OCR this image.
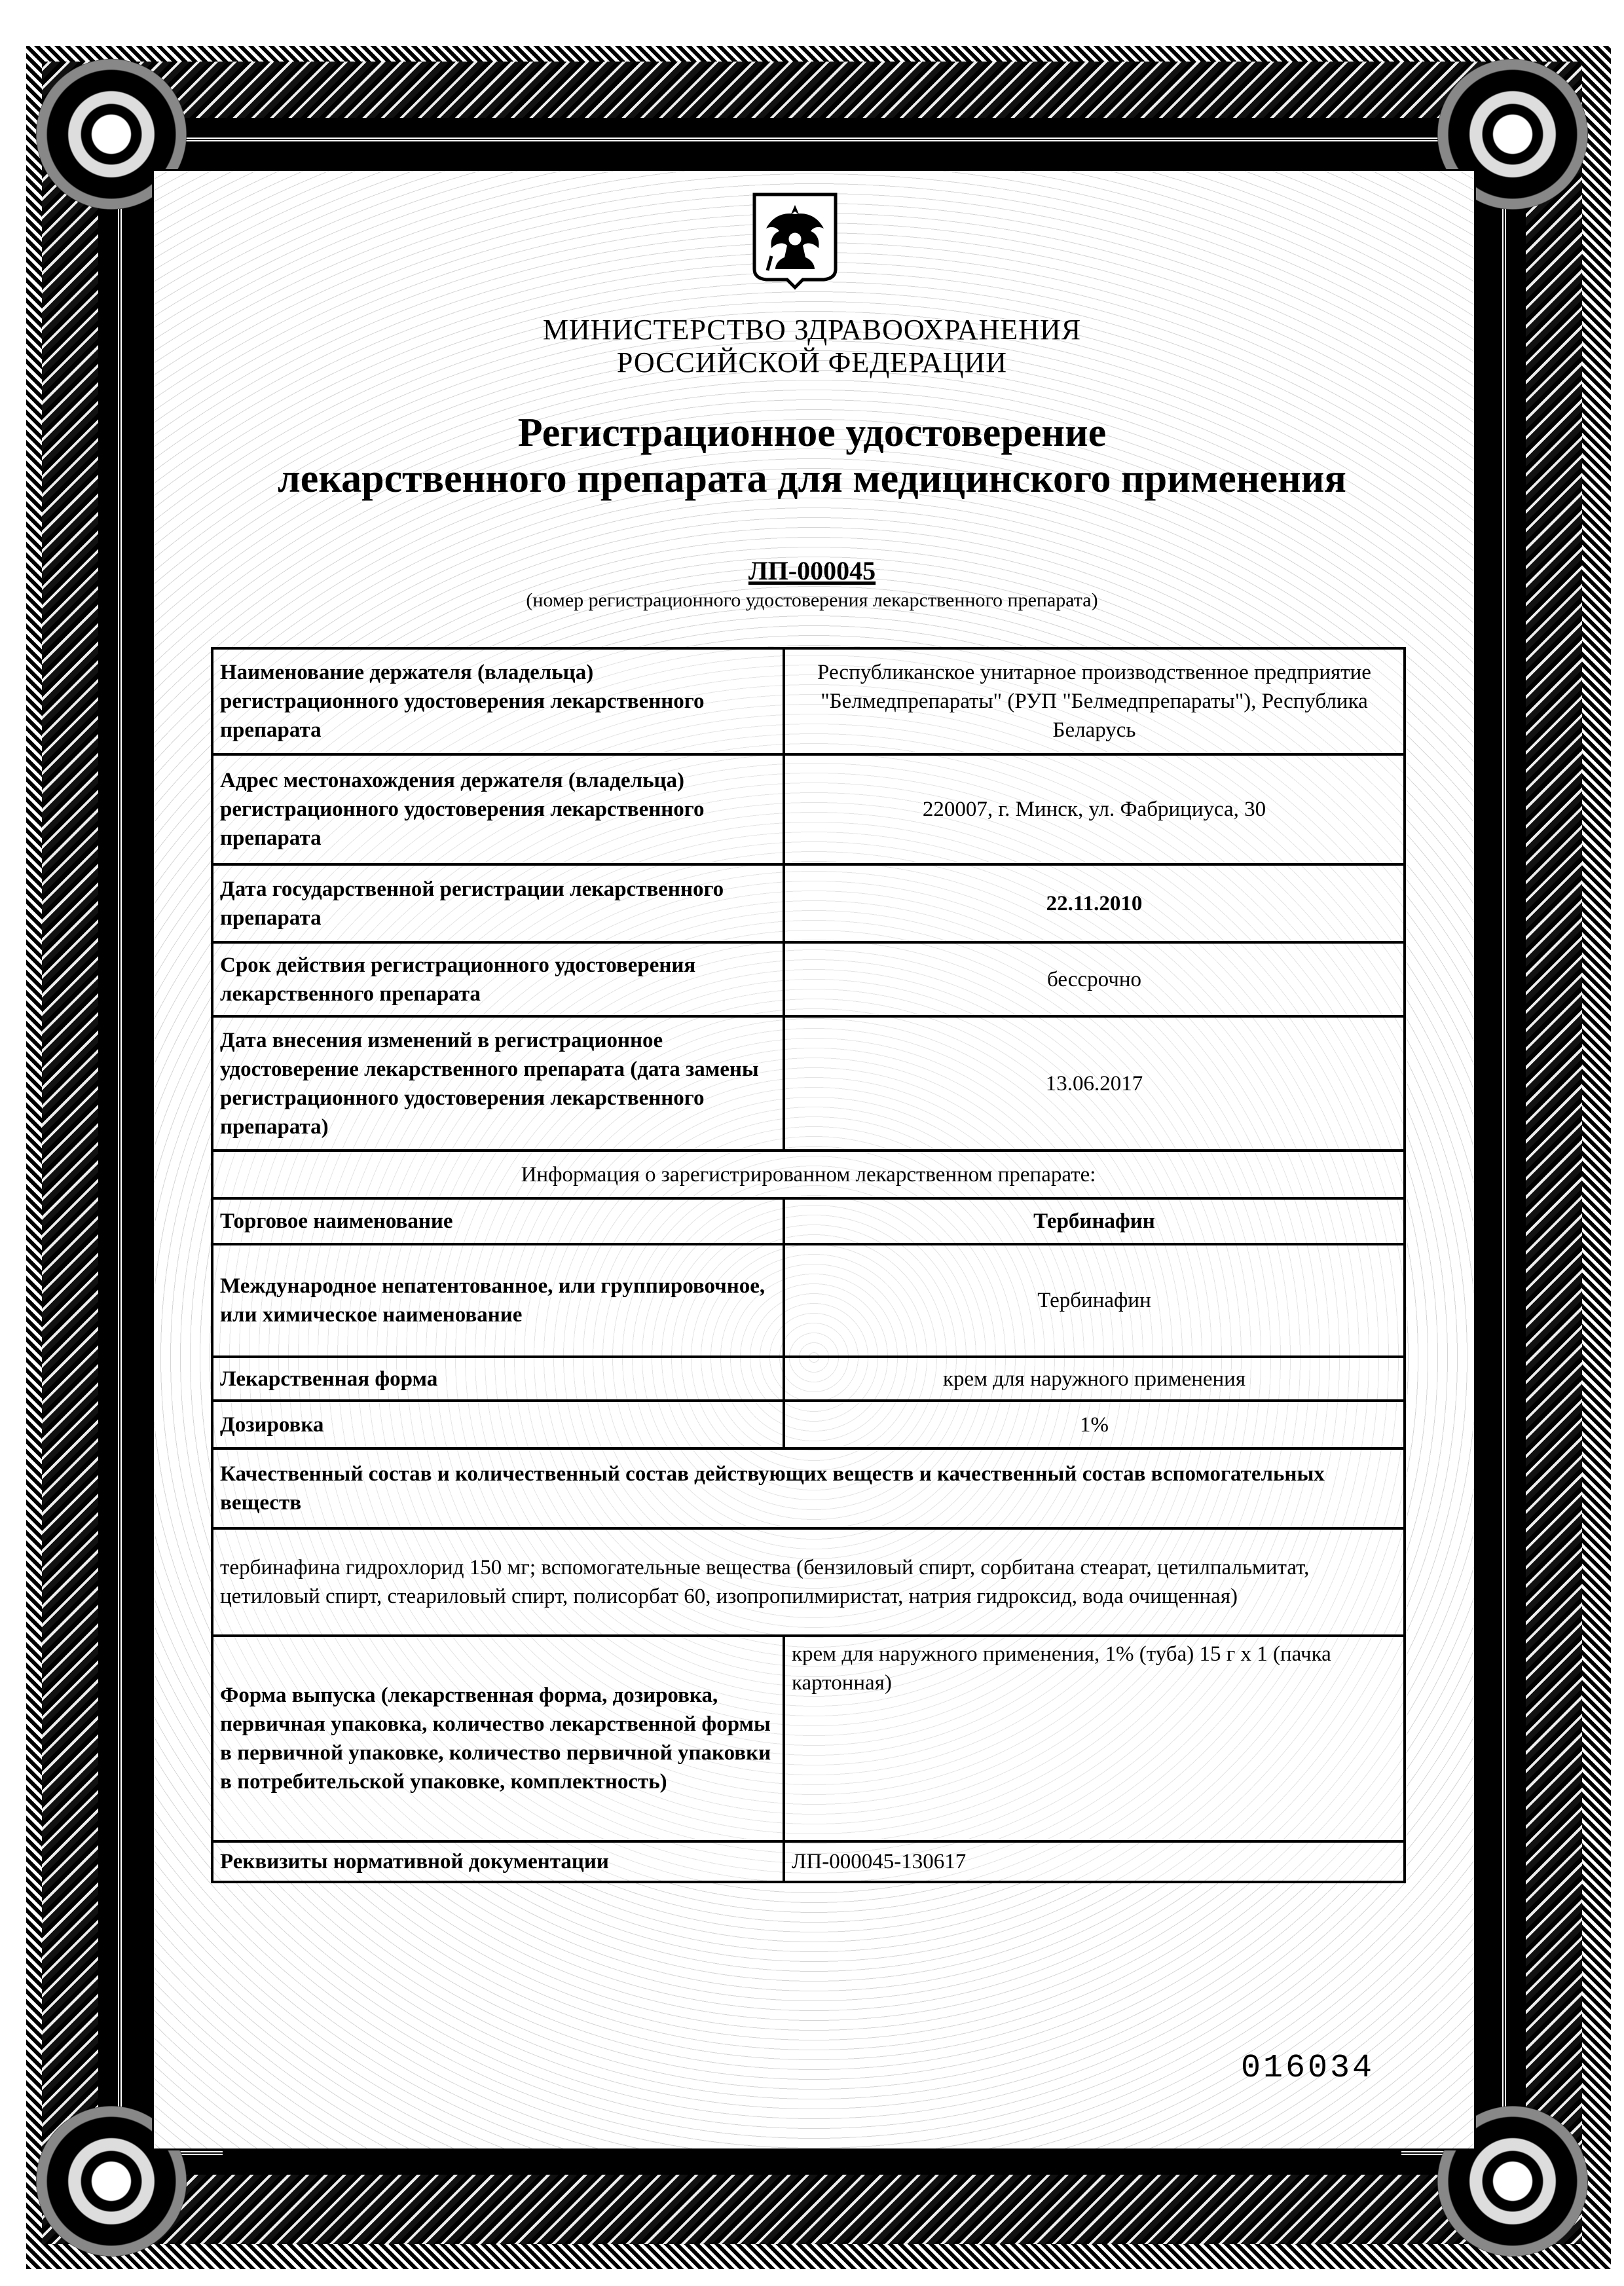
МИНИСТЕРСТВО ЗДРАВООХРАНЕНИЯ
РОССИЙСКОЙ ФЕДЕРАЦИИ
Регистрационное удостоверение
лекарственного препарата для медицинского применения
ЛП-000045
(номер регистрационного удостоверения лекарственного препарата)
Наименование держателя (владельца) регистрационного удостоверения лекарственного препарата	Республиканское унитарное производственное предприятие "Белмедпрепараты" (РУП "Белмедпрепараты"), Республика Беларусь
Адрес местонахождения держателя (владельца) регистрационного удостоверения лекарственного препарата	220007, г. Минск, ул. Фабрициуса, 30
Дата государственной регистрации лекарственного препарата	22.11.2010
Срок действия регистрационного удостоверения лекарственного препарата	бессрочно
Дата внесения изменений в регистрационное удостоверение лекарственного препарата (дата замены регистрационного удостоверения лекарственного препарата)	13.06.2017
Информация о зарегистрированном лекарственном препарате:	
Торговое наименование	Тербинафин
Международное непатентованное, или группировочное, или химическое наименование	Тербинафин
Лекарственная форма	крем для наружного применения
Дозировка	1%
Качественный состав и количественный состав действующих веществ и качественный состав вспомогательных веществ	
тербинафина гидрохлорид 150 мг; вспомогательные вещества (бензиловый спирт, сорбитана стеарат, цетилпальмитат, цетиловый спирт, стеариловый спирт, полисорбат 60, изопропилмиристат, натрия гидроксид, вода очищенная)	
Форма выпуска (лекарственная форма, дозировка, первичная упаковка, количество лекарственной формы в первичной упаковке, количество первичной упаковки в потребительской упаковке, комплектность)	крем для наружного применения, 1% (туба) 15 г x 1 (пачка картонная)
Реквизиты нормативной документации	ЛП-000045-130617
016034
